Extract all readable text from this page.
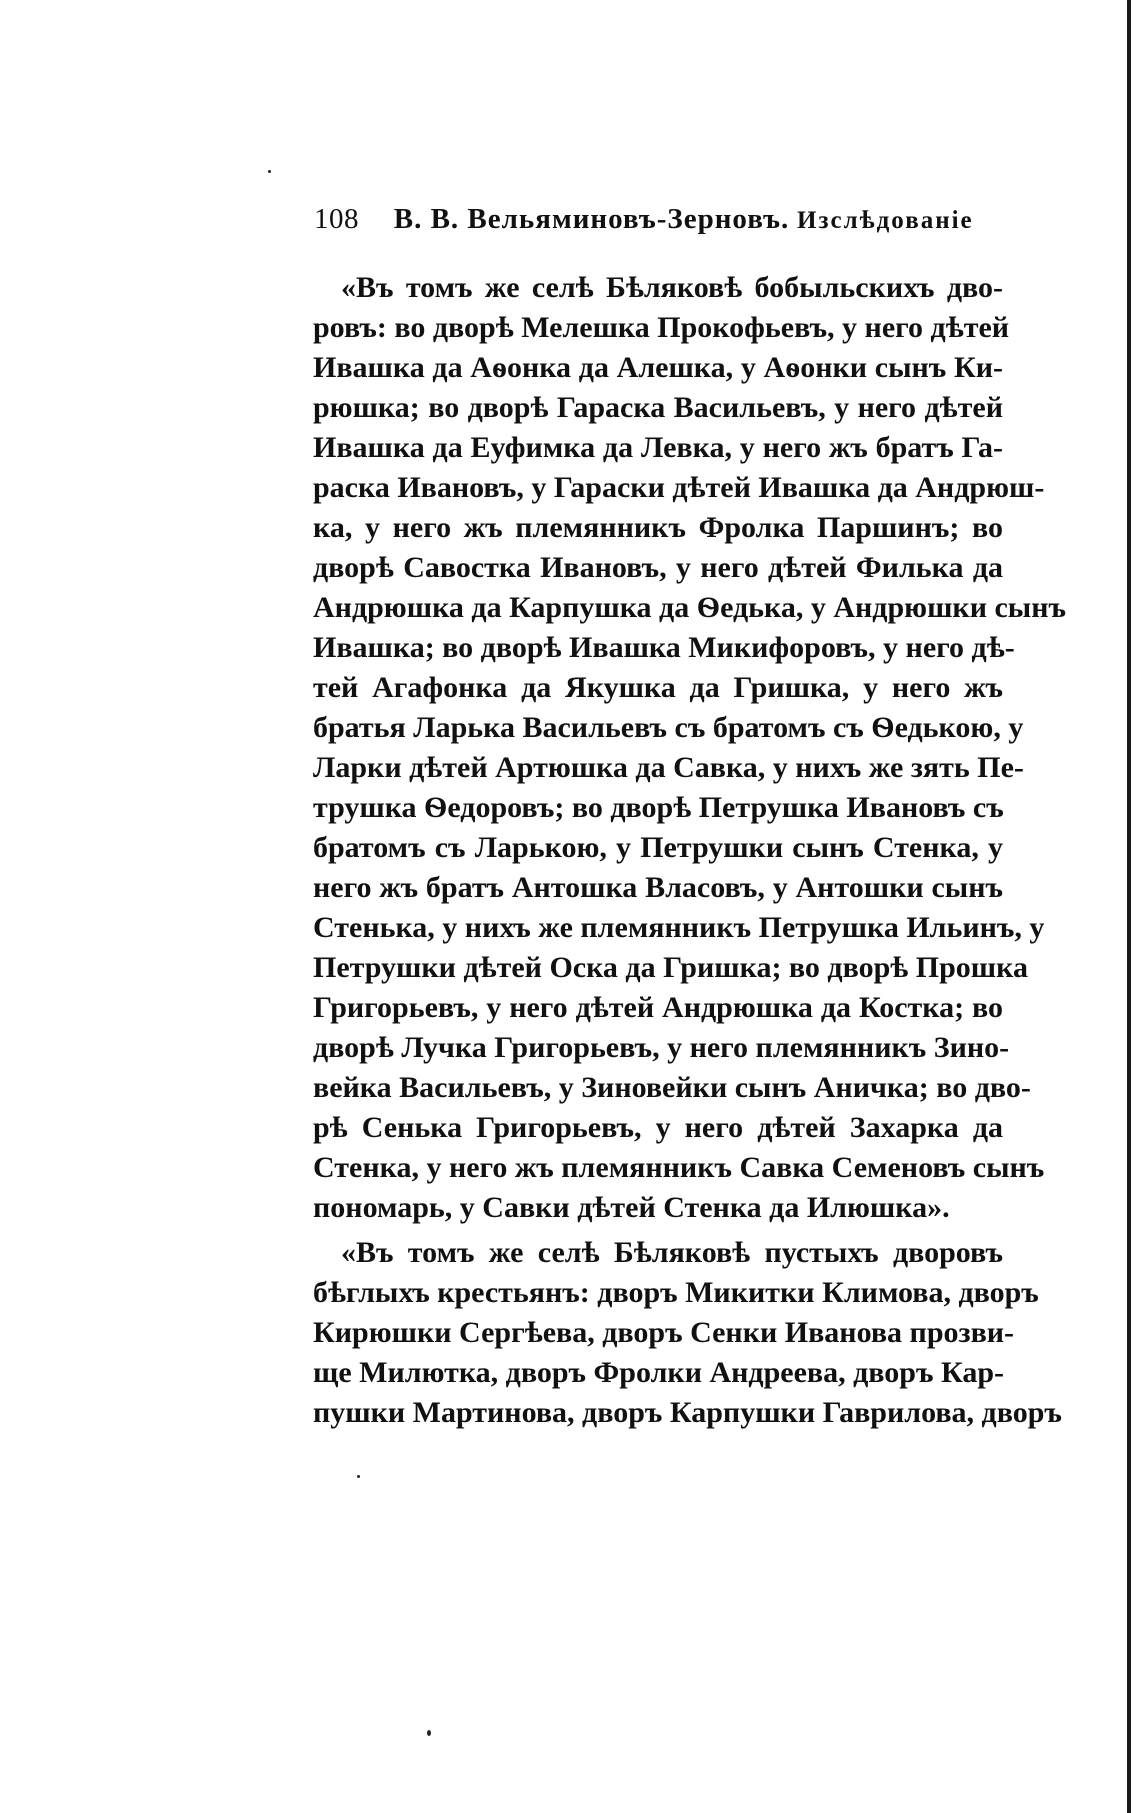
108 В. В. Вельяминовъ-Зерновъ. Изслѣдованіе
«Въ томъ же селѣ Бѣляковѣ бобыльскихъ дво-
ровъ: во дворѣ Мелешка Прокофьевъ, у него дѣтей
Ивашка да Аѳонка да Алешка, у Аѳонки сынъ Ки-
рюшка; во дворѣ Гараска Васильевъ, у него дѣтей
Ивашка да Еуфимка да Левка, у него жъ братъ Га-
раска Ивановъ, у Гараски дѣтей Ивашка да Андрюш-
ка, у него жъ племянникъ Фролка Паршинъ; во
дворѣ Савостка Ивановъ, у него дѣтей Филька да
Андрюшка да Карпушка да Ѳедька, у Андрюшки сынъ
Ивашка; во дворѣ Ивашка Микифоровъ, у него дѣ-
тей Агафонка да Якушка да Гришка, у него жъ
братья Ларька Васильевъ съ братомъ съ Ѳедькою, у
Ларки дѣтей Артюшка да Савка, у нихъ же зять Пе-
трушка Ѳедоровъ; во дворѣ Петрушка Ивановъ съ
братомъ съ Ларькою, у Петрушки сынъ Стенка, у
него жъ братъ Антошка Власовъ, у Антошки сынъ
Стенька, у нихъ же племянникъ Петрушка Ильинъ, у
Петрушки дѣтей Оска да Гришка; во дворѣ Прошка
Григорьевъ, у него дѣтей Андрюшка да Костка; во
дворѣ Лучка Григорьевъ, у него племянникъ Зино-
вейка Васильевъ, у Зиновейки сынъ Аничка; во дво-
рѣ Сенька Григорьевъ, у него дѣтей Захарка да
Стенка, у него жъ племянникъ Савка Семеновъ сынъ
пономарь, у Савки дѣтей Стенка да Илюшка».
«Въ томъ же селѣ Бѣляковѣ пустыхъ дворовъ
бѣглыхъ крестьянъ: дворъ Микитки Климова, дворъ
Кирюшки Сергѣева, дворъ Сенки Иванова прозви-
ще Милютка, дворъ Фролки Андреева, дворъ Кар-
пушки Мартинова, дворъ Карпушки Гаврилова, дворъ
